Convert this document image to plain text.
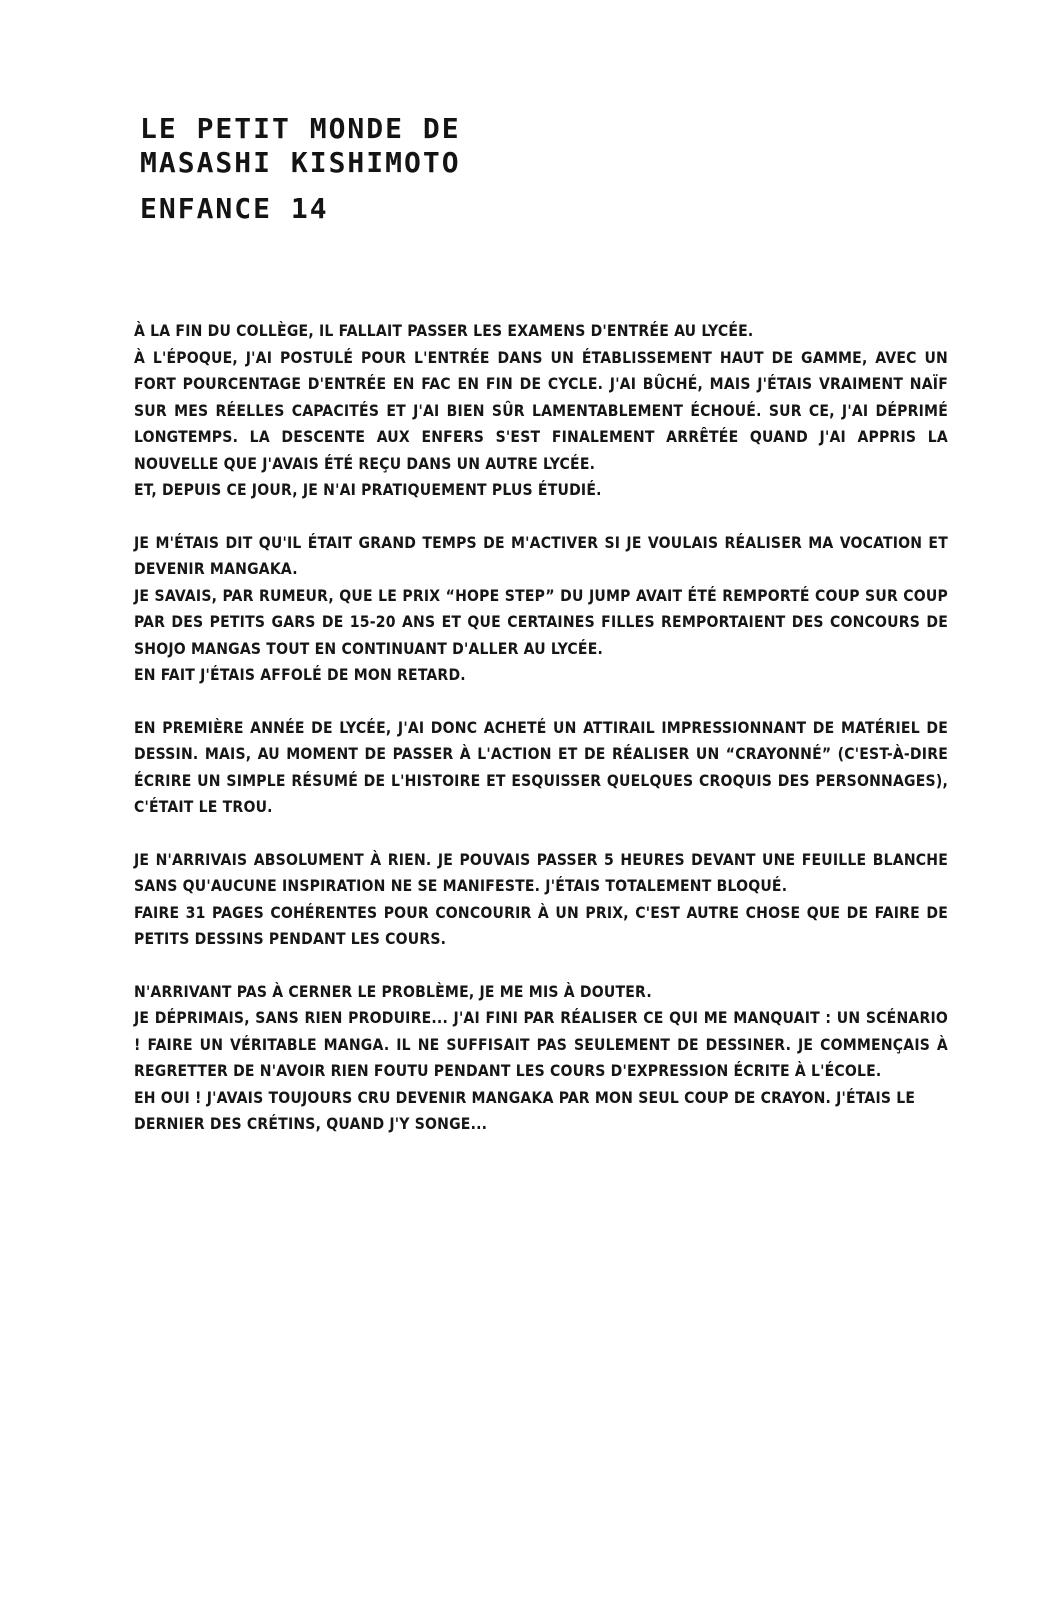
LE PETIT MONDE DE
MASASHI KISHIMOTO
ENFANCE 14
À LA FIN DU COLLÈGE, IL FALLAIT PASSER LES EXAMENS D'ENTRÉE AU LYCÉE.
À L'ÉPOQUE, J'AI POSTULÉ POUR L'ENTRÉE DANS UN ÉTABLISSEMENT HAUT DE GAMME, AVEC UN FORT POURCENTAGE D'ENTRÉE EN FAC EN FIN DE CYCLE. J'AI BÛCHÉ, MAIS J'ÉTAIS VRAIMENT NAÏF SUR MES RÉELLES CAPACITÉS ET J'AI BIEN SÛR LAMENTABLEMENT ÉCHOUÉ. SUR CE, J'AI DÉPRIMÉ LONGTEMPS. LA DESCENTE AUX ENFERS S'EST FINALEMENT ARRÊTÉE QUAND J'AI APPRIS LA NOUVELLE QUE J'AVAIS ÉTÉ REÇU DANS UN AUTRE LYCÉE.
ET, DEPUIS CE JOUR, JE N'AI PRATIQUEMENT PLUS ÉTUDIÉ.
JE M'ÉTAIS DIT QU'IL ÉTAIT GRAND TEMPS DE M'ACTIVER SI JE VOULAIS RÉALISER MA VOCATION ET DEVENIR MANGAKA.
JE SAVAIS, PAR RUMEUR, QUE LE PRIX “HOPE STEP” DU JUMP AVAIT ÉTÉ REMPORTÉ COUP SUR COUP PAR DES PETITS GARS DE 15-20 ANS ET QUE CERTAINES FILLES REMPORTAIENT DES CONCOURS DE SHOJO MANGAS TOUT EN CONTINUANT D'ALLER AU LYCÉE.
EN FAIT J'ÉTAIS AFFOLÉ DE MON RETARD.
EN PREMIÈRE ANNÉE DE LYCÉE, J'AI DONC ACHETÉ UN ATTIRAIL IMPRESSIONNANT DE MATÉRIEL DE DESSIN. MAIS, AU MOMENT DE PASSER À L'ACTION ET DE RÉALISER UN “CRAYONNÉ” (C'EST-À-DIRE ÉCRIRE UN SIMPLE RÉSUMÉ DE L'HISTOIRE ET ESQUISSER QUELQUES CROQUIS DES PERSONNAGES), C'ÉTAIT LE TROU.
JE N'ARRIVAIS ABSOLUMENT À RIEN. JE POUVAIS PASSER 5 HEURES DEVANT UNE FEUILLE BLANCHE SANS QU'AUCUNE INSPIRATION NE SE MANIFESTE. J'ÉTAIS TOTALEMENT BLOQUÉ.
FAIRE 31 PAGES COHÉRENTES POUR CONCOURIR À UN PRIX, C'EST AUTRE CHOSE QUE DE FAIRE DE PETITS DESSINS PENDANT LES COURS.
N'ARRIVANT PAS À CERNER LE PROBLÈME, JE ME MIS À DOUTER.
JE DÉPRIMAIS, SANS RIEN PRODUIRE... J'AI FINI PAR RÉALISER CE QUI ME MANQUAIT : UN SCÉNARIO ! FAIRE UN VÉRITABLE MANGA. IL NE SUFFISAIT PAS SEULEMENT DE DESSINER. JE COMMENÇAIS À REGRETTER DE N'AVOIR RIEN FOUTU PENDANT LES COURS D'EXPRESSION ÉCRITE À L'ÉCOLE.
EH OUI ! J'AVAIS TOUJOURS CRU DEVENIR MANGAKA PAR MON SEUL COUP DE CRAYON. J'ÉTAIS LE DERNIER DES CRÉTINS, QUAND J'Y SONGE...
